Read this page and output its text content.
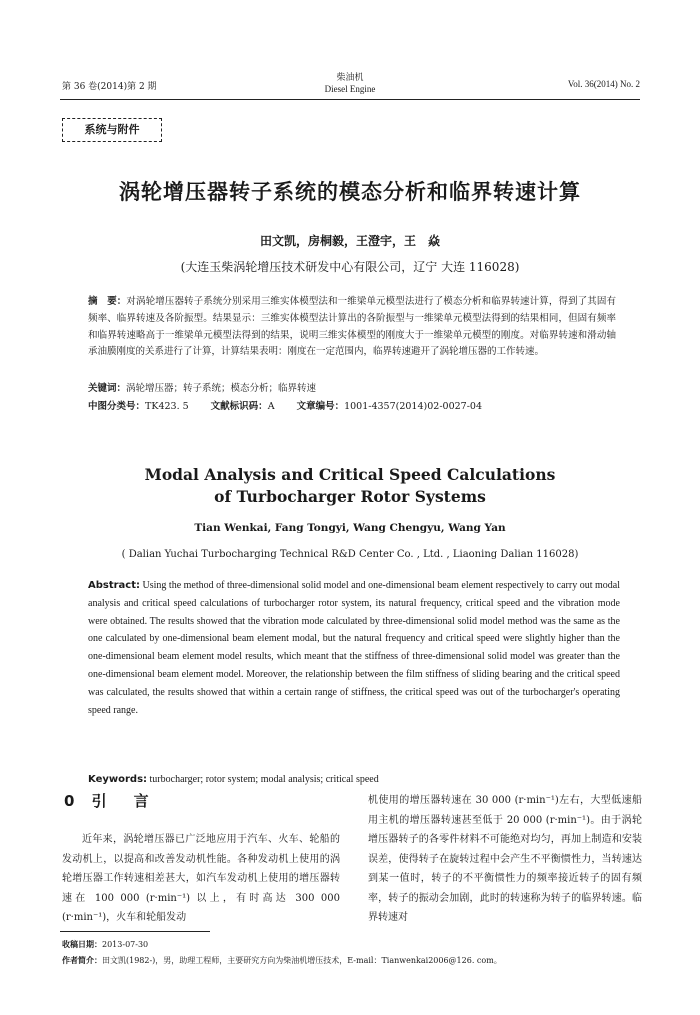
第 36 卷(2014)第 2 期
柴油机
Diesel Engine	Vol. 36(2014) No. 2
系统与附件
涡轮增压器转子系统的模态分析和临界转速计算
田文凯，房桐毅，王澄宇，王　焱
(大连玉柴涡轮增压技术研发中心有限公司，辽宁 大连 116028)
摘　要：对涡轮增压器转子系统分别采用三维实体模型法和一维梁单元模型法进行了模态分析和临界转速计算，得到了其固有频率、临界转速及各阶振型。结果显示：三维实体模型法计算出的各阶振型与一维梁单元模型法得到的结果相同，但固有频率和临界转速略高于一维梁单元模型法得到的结果，说明三维实体模型的刚度大于一维梁单元模型的刚度。对临界转速和滑动轴承油膜刚度的关系进行了计算，计算结果表明：刚度在一定范围内，临界转速避开了涡轮增压器的工作转速。
关键词：涡轮增压器；转子系统；模态分析；临界转速
中图分类号：TK423. 5 文献标识码：A 文章编号：1001-4357(2014)02-0027-04
Modal Analysis and Critical Speed Calculations
of Turbocharger Rotor Systems
Tian Wenkai, Fang Tongyi, Wang Chengyu, Wang Yan
( Dalian Yuchai Turbocharging Technical R&D Center Co. , Ltd. , Liaoning Dalian 116028)
Abstract: Using the method of three-dimensional solid model and one-dimensional beam element respectively to carry out modal analysis and critical speed calculations of turbocharger rotor system, its natural frequency, critical speed and the vibration mode were obtained. The results showed that the vibration mode calculated by three-dimensional solid model method was the same as the one calculated by one-dimensional beam element modal, but the natural frequency and critical speed were slightly higher than the one-dimensional beam element model results, which meant that the stiffness of three-dimensional solid model was greater than the one-dimensional beam element model. Moreover, the relationship between the film stiffness of sliding bearing and the critical speed was calculated, the results showed that within a certain range of stiffness, the critical speed was out of the turbocharger's operating speed range.
Keywords: turbocharger; rotor system; modal analysis; critical speed
0 引　言
近年来，涡轮增压器已广泛地应用于汽车、火车、轮船的发动机上，以提高和改善发动机性能。各种发动机上使用的涡轮增压器工作转速相差甚大，如汽车发动机上使用的增压器转速在 100 000 (r·min⁻¹) 以上，有时高达 300 000 (r·min⁻¹)，火车和轮船发动
机使用的增压器转速在 30 000 (r·min⁻¹)左右，大型低速船用主机的增压器转速甚至低于 20 000 (r·min⁻¹)。由于涡轮增压器转子的各零件材料不可能绝对均匀，再加上制造和安装误差，使得转子在旋转过程中会产生不平衡惯性力，当转速达到某一值时，转子的不平衡惯性力的频率接近转子的固有频率，转子的振动会加剧，此时的转速称为转子的临界转速。临界转速对
收稿日期：2013-07-30
作者简介：田文凯(1982-)，男，助理工程师，主要研究方向为柴油机增压技术，E-mail：Tianwenkai2006@126. com。
